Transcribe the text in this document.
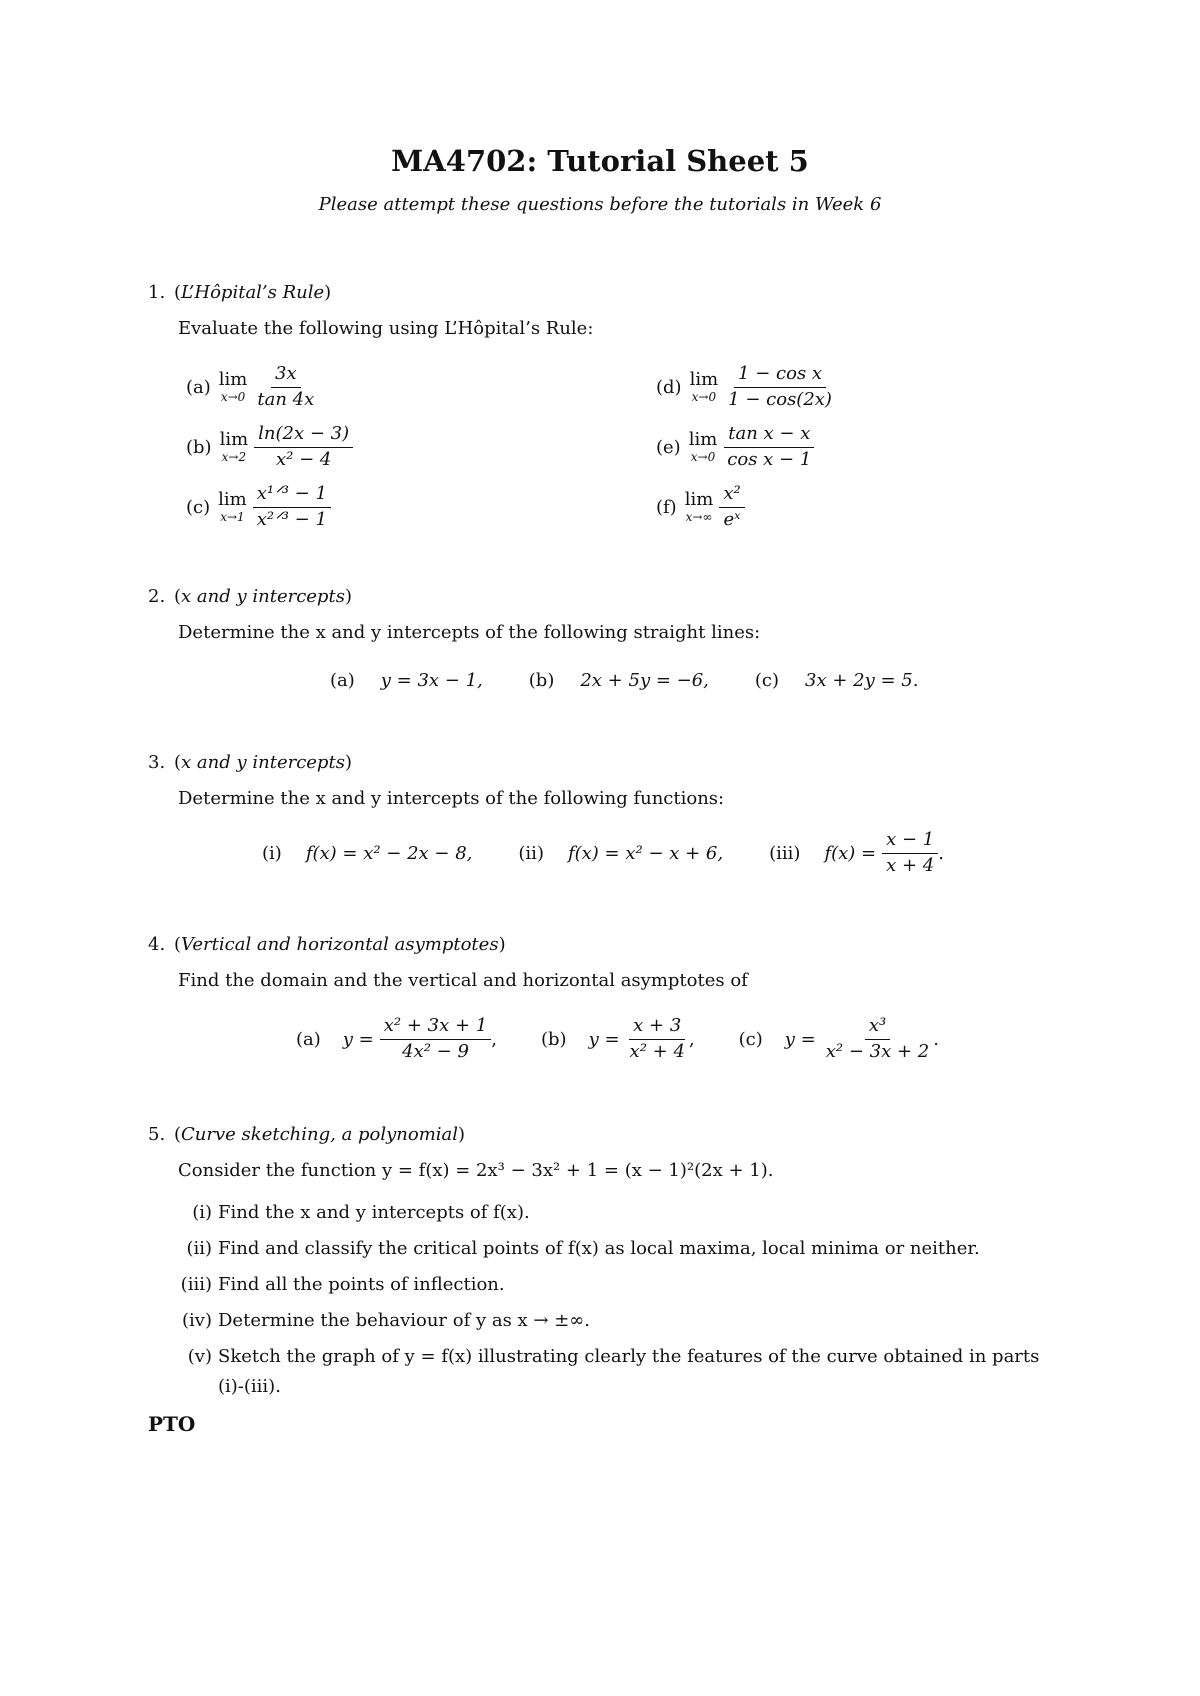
MA4702: Tutorial Sheet 5
Please attempt these questions before the tutorials in Week 6
1. (L’Hôpital’s Rule)
Evaluate the following using L’Hôpital’s Rule:
(a) lim
$x\to 0 \frac{3x}{\tan 4x}$
(b) lim
$x\to 2 \frac{\ln(2x - 3)}{\text{x² − 4}}$
(c) lim
$x\to 1 \frac{\text{x¹ᐟ³ − 1}}{\text{x²ᐟ³ − 1}}$
(d) lim
$x\to 0 \frac{\text{1 − cos x}}{1 - \cos(2x)}$
(e) lim
$x\to 0 \frac{\text{tan x − x}}{\text{cos x − 1}}$
(f) lim
$x\to\infty \frac{\text{x²}}{\text{eˣ}}$
2. (x and y intercepts)
Determine the x and y intercepts of the following straight lines:
(a) y = 3x − 1,	(b) 2x + 5y = −6,	(c) 3x + 2y = 5.
3. (x and y intercepts)
Determine the x and y intercepts of the following functions:
(i) f(x) = x² − 2x − 8,	(ii) f(x) = x² − x + 6,	(iii) $f(x) = \frac{x - 1}{x + 4}$ .
4. (Vertical and horizontal asymptotes)
Find the domain and the vertical and horizontal asymptotes of
(a) $y = \frac{\text{x² + 3x + 1}}{\text{4x² − 9}}$ , (b) $y = \frac{x + 3}{\text{x² + 4}}$ , (c) $y = \frac{\text{x³}}{\text{x² − 3x + 2}}$ .
5. (Curve sketching, a polynomial)
Consider the function y = f(x) = 2x³ − 3x² + 1 = (x − 1)²(2x + 1).
(i) Find the x and y intercepts of f(x).
(ii) Find and classify the critical points of f(x) as local maxima, local minima or neither.
(iii) Find all the points of inflection.
(iv) Determine the behaviour of y as x → ±∞.
(v) Sketch the graph of y = f(x) illustrating clearly the features of the curve obtained in parts
(i)-(iii).
PTO
